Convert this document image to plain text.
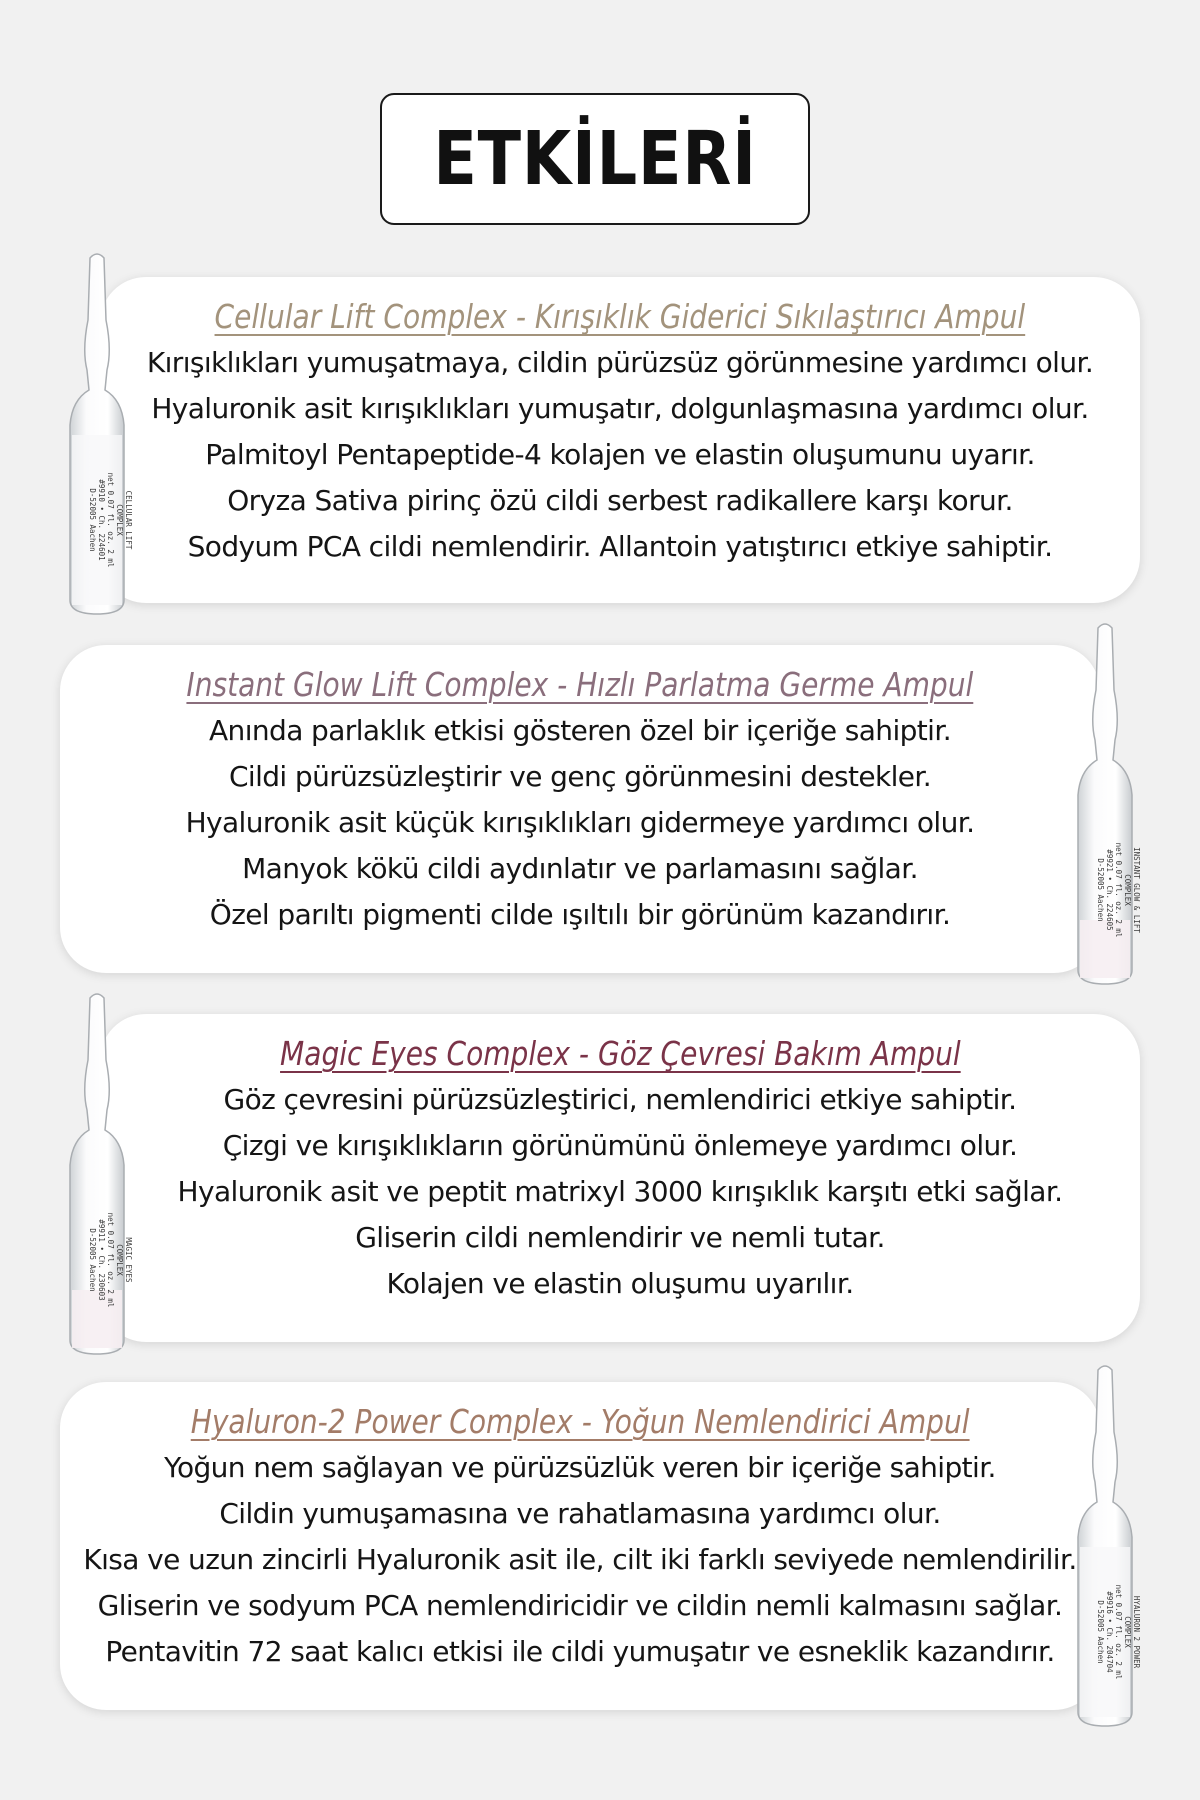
ETKİLERİ
Cellular Lift Complex - Kırışıklık Giderici Sıkılaştırıcı Ampul
Kırışıklıkları yumuşatmaya, cildin pürüzsüz görünmesine yardımcı olur.
Hyaluronik asit kırışıklıkları yumuşatır, dolgunlaşmasına yardımcı olur.
Palmitoyl Pentapeptide-4 kolajen ve elastin oluşumunu uyarır.
Oryza Sativa pirinç özü cildi serbest radikallere karşı korur.
Sodyum PCA cildi nemlendirir. Allantoin yatıştırıcı etkiye sahiptir.
Instant Glow Lift Complex - Hızlı Parlatma Germe Ampul
Anında parlaklık etkisi gösteren özel bir içeriğe sahiptir.
Cildi pürüzsüzleştirir ve genç görünmesini destekler.
Hyaluronik asit küçük kırışıklıkları gidermeye yardımcı olur.
Manyok kökü cildi aydınlatır ve parlamasını sağlar.
Özel parıltı pigmenti cilde ışıltılı bir görünüm kazandırır.
Magic Eyes Complex - Göz Çevresi Bakım Ampul
Göz çevresini pürüzsüzleştirici, nemlendirici etkiye sahiptir.
Çizgi ve kırışıklıkların görünümünü önlemeye yardımcı olur.
Hyaluronik asit ve peptit matrixyl 3000 kırışıklık karşıtı etki sağlar.
Gliserin cildi nemlendirir ve nemli tutar.
Kolajen ve elastin oluşumu uyarılır.
Hyaluron-2 Power Complex - Yoğun Nemlendirici Ampul
Yoğun nem sağlayan ve pürüzsüzlük veren bir içeriğe sahiptir.
Cildin yumuşamasına ve rahatlamasına yardımcı olur.
Kısa ve uzun zincirli Hyaluronik asit ile, cilt iki farklı seviyede nemlendirilir.
Gliserin ve sodyum PCA nemlendiricidir ve cildin nemli kalmasını sağlar.
Pentavitin 72 saat kalıcı etkisi ile cildi yumuşatır ve esneklik kazandırır.
CELLULAR LIFT
COMPLEX
net 0.07 fl. oz. 2 ml
#9910 • Ch. 224601
D-52005 Aachen
INSTANT GLOW & LIFT
COMPLEX
net 0.07 fl. oz. 2 ml
#9921 • Ch. 224605
D-52005 Aachen
MAGIC EYES
COMPLEX
net 0.07 fl. oz. 2 ml
#9911 • Ch. 230603
D-52005 Aachen
HYALURON 2 POWER
COMPLEX
net 0.07 fl. oz. 2 ml
#9916 • Ch. 204704
D-52005 Aachen
